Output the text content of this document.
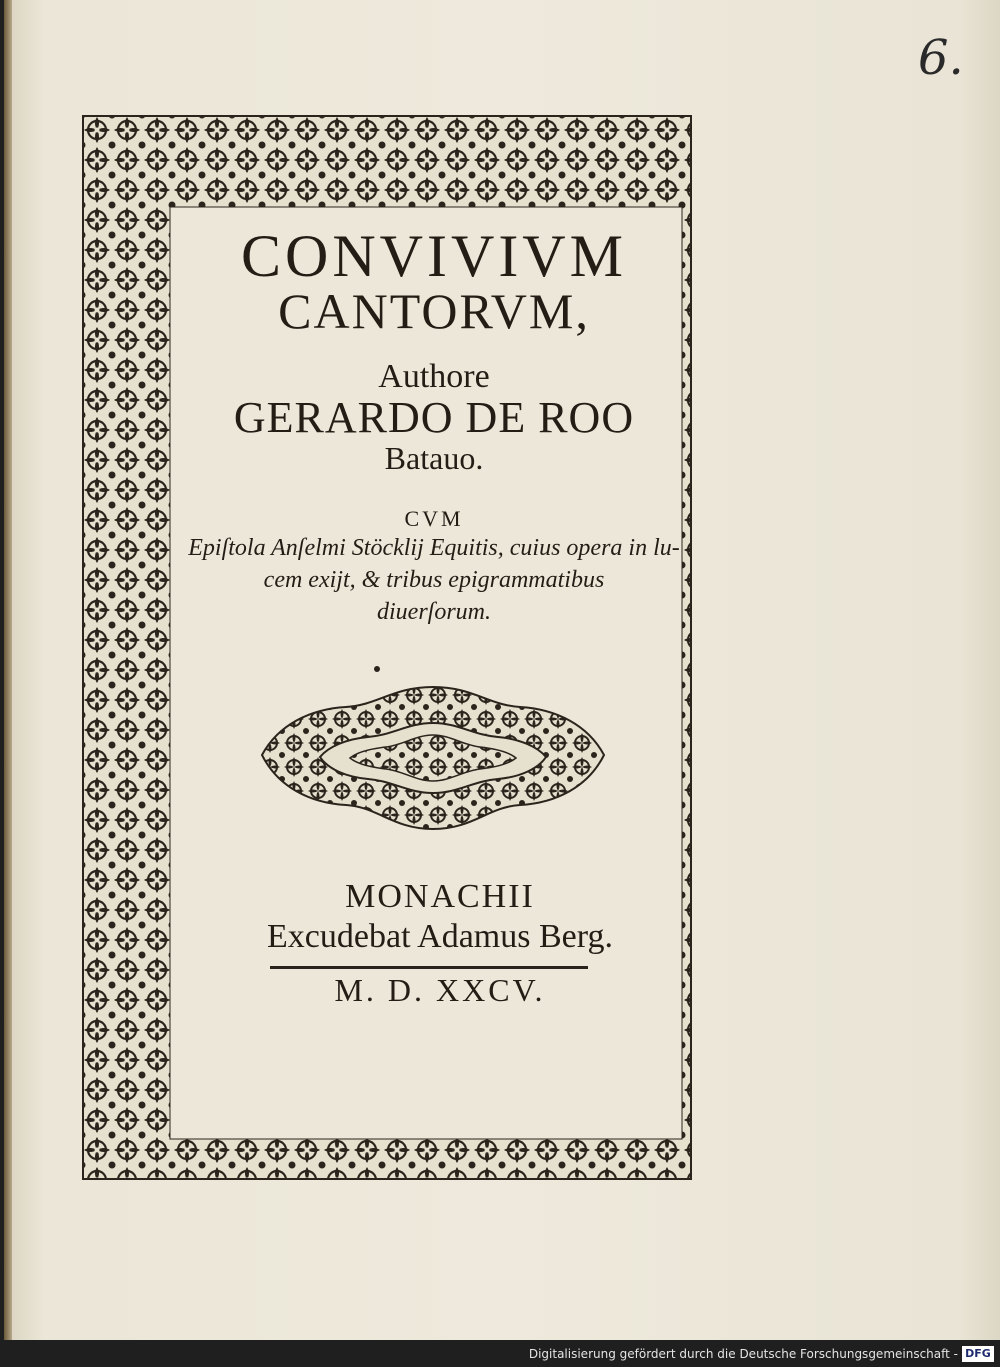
6.
CONVIVIVM
CANTORVM,
Authore
GERARDO DE ROO
Batauo.
CVM
Epiſtola Anſelmi Stöcklij Equitis, cuius opera in lu-
cem exijt, & tribus epigrammatibus
diuerſorum.
MONACHII
Excudebat Adamus Berg.
M. D. XXCV.
Digitalisierung gefördert durch die Deutsche Forschungsgemeinschaft - DFG
